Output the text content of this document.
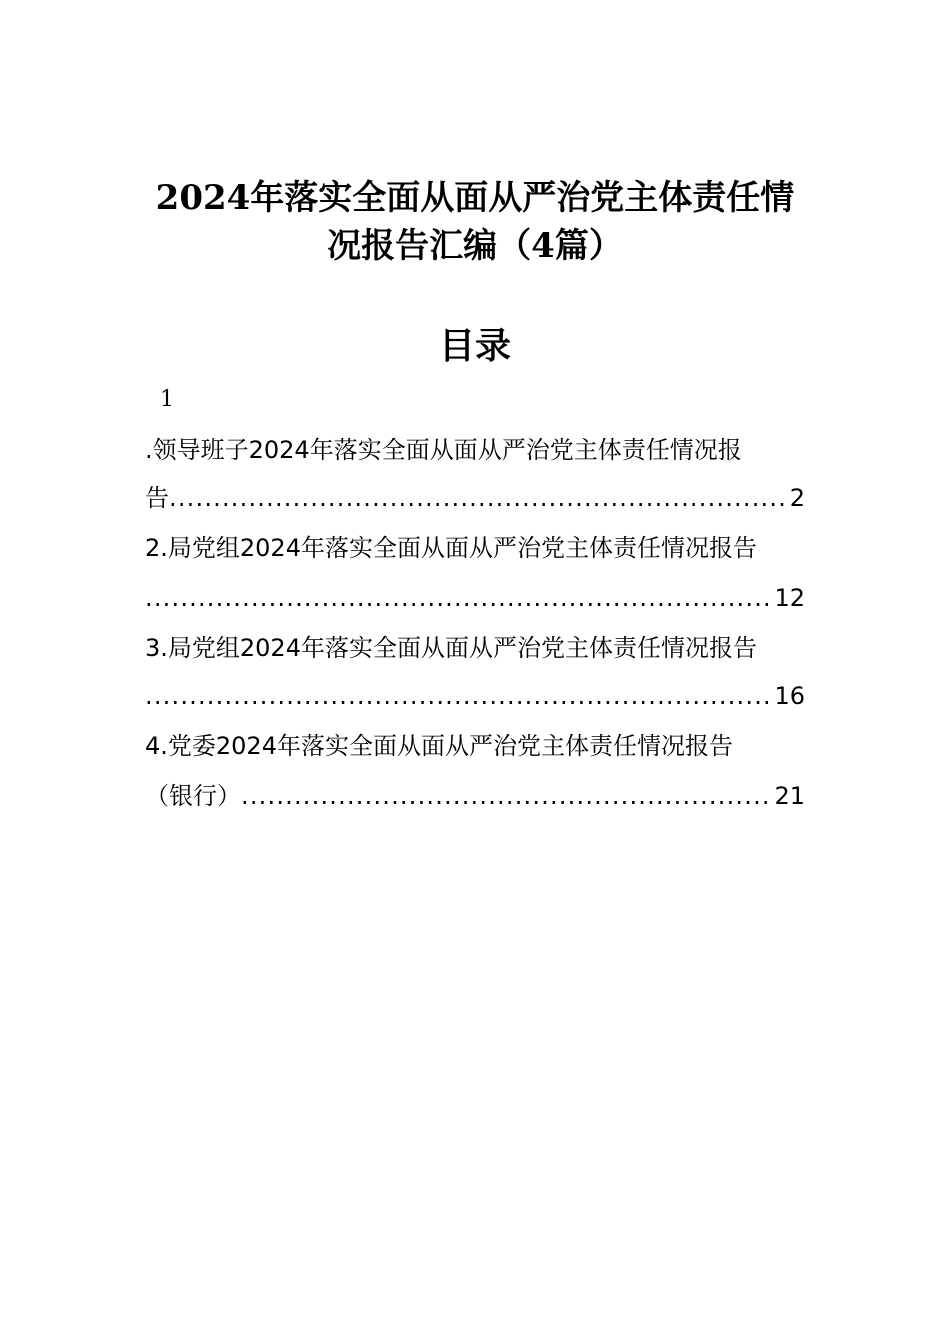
2024年落实全面从面从严治党主体责任情
况报告汇编（4篇）
目录
1
.领导班子2024年落实全面从面从严治党主体责任情况报
告 .....	2
2.局党组2024年落实全面从面从严治党主体责任情况报告
.....
12
3.局党组2024年落实全面从面从严治党主体责任情况报告
.....
16
4.党委2024年落实全面从面从严治党主体责任情况报告
（银行） .....	21
